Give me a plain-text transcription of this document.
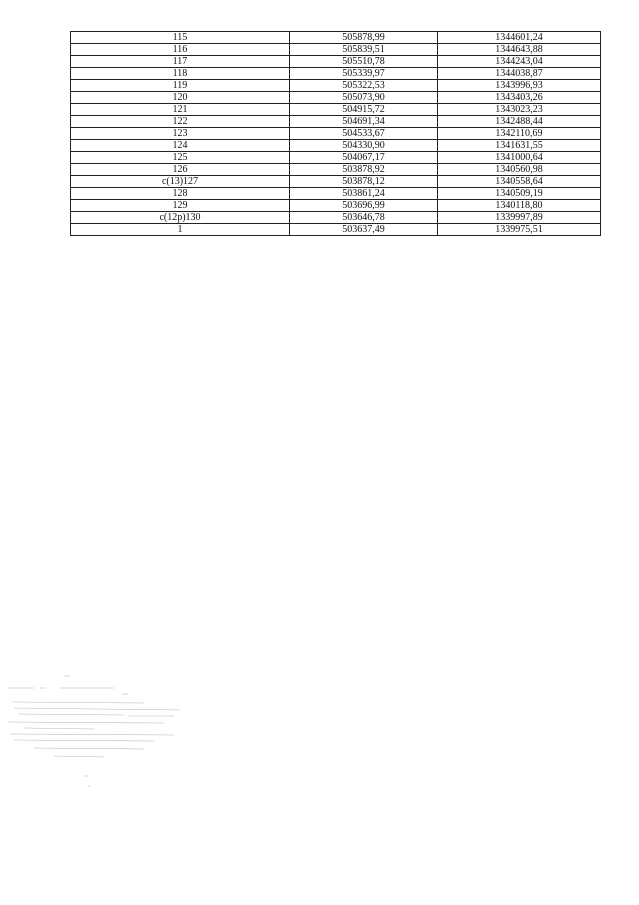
115	505878,99	1344601,24
116	505839,51	1344643,88
117	505510,78	1344243,04
118	505339,97	1344038,87
119	505322,53	1343996,93
120	505073,90	1343403,26
121	504915,72	1343023,23
122	504691,34	1342488,44
123	504533,67	1342110,69
124	504330,90	1341631,55
125	504067,17	1341000,64
126	503878,92	1340560,98
с(13)127	503878,12	1340558,64
128	503861,24	1340509,19
129	503696,99	1340118,80
с(12р)130	503646,78	1339997,89
1	503637,49	1339975,51
